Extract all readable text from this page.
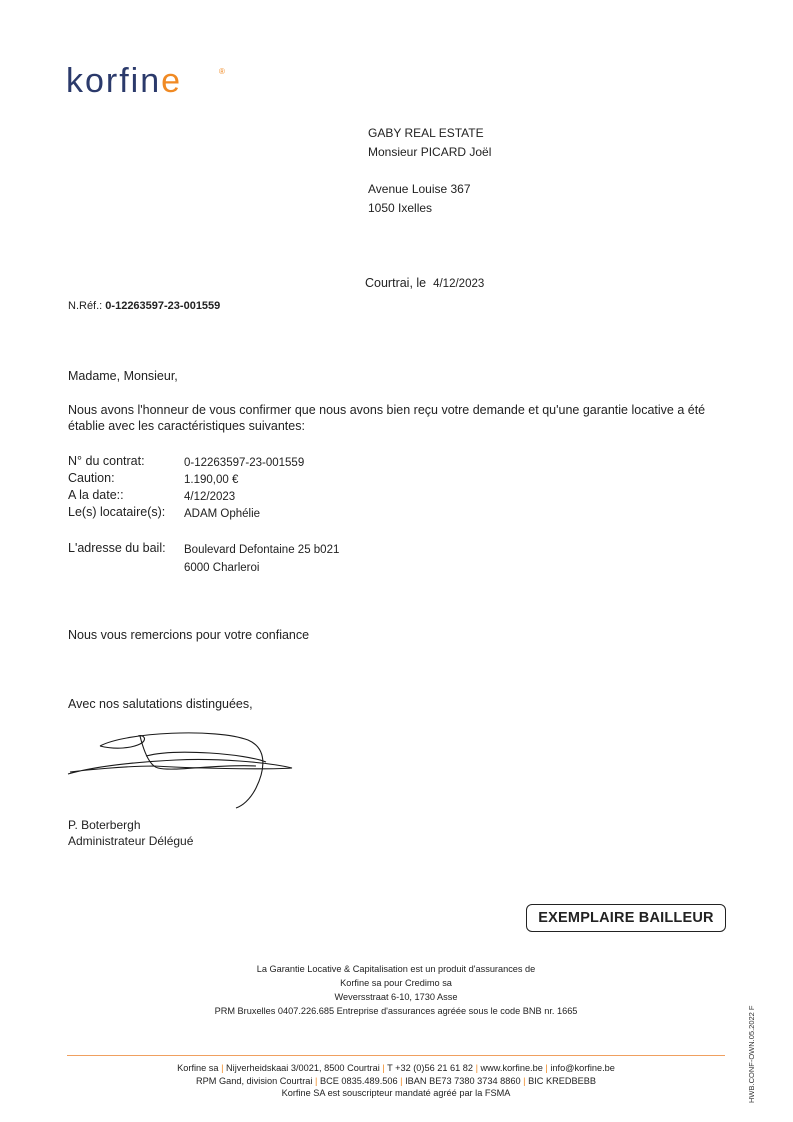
korfine	®
GABY REAL ESTATE
Monsieur PICARD Joël
Avenue Louise 367
1050 Ixelles
Courtrai, le 4/12/2023
N.Réf.: 0-12263597-23-001559
Madame, Monsieur,
Nous avons l'honneur de vous confirmer que nous avons bien reçu votre demande et qu'une garantie locative a été établie avec les caractéristiques suivantes:
N° du contrat:	0-12263597-23-001559
Caution:	1.190,00 €
A la date::	4/12/2023
Le(s) locataire(s): ADAM Ophélie
L'adresse du bail: Boulevard Defontaine 25 b021
6000 Charleroi
Nous vous remercions pour votre confiance
Avec nos salutations distinguées,
P. Boterbergh
Administrateur Délégué
EXEMPLAIRE BAILLEUR
La Garantie Locative & Capitalisation est un produit d'assurances de
Korfine sa pour Credimo sa
Weversstraat 6-10, 1730 Asse
PRM Bruxelles 0407.226.685 Entreprise d'assurances agréée sous le code BNB nr. 1665
Korfine sa | Nijverheidskaai 3/0021, 8500 Courtrai | T +32 (0)56 21 61 82 | www.korfine.be | info@korfine.be
RPM Gand, division Courtrai | BCE 0835.489.506 | IBAN BE73 7380 3734 8860 | BIC KREDBEBB
Korfine SA est souscripteur mandaté agréé par la FSMA	HWB.CONF-OWN.05.2022 F
